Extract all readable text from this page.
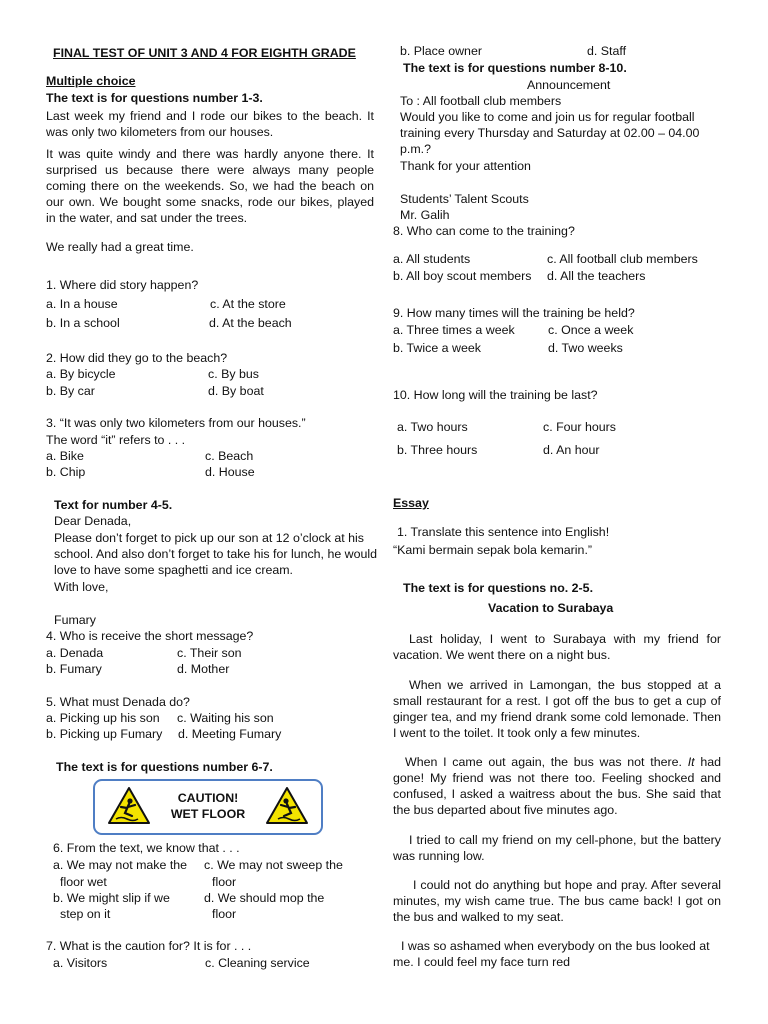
FINAL TEST OF UNIT 3 AND 4 FOR EIGHTH GRADE
Multiple choice
The text is for questions number 1-3.
Last week my friend and I rode our bikes to the beach. It was only two kilometers from our houses.
It was quite windy and there was hardly anyone there. It surprised us because there were always many people coming there on the weekends. So, we had the beach on our own. We bought some snacks, rode our bikes, played in the water, and sat under the trees.
We really had a great time.
1. Where did story happen?
a. In a house	c. At the store
b. In a school	d. At the beach
2. How did they go to the beach?
a. By bicycle	c. By bus
b. By car	d. By boat
3. “It was only two kilometers from our houses.”
The word “it” refers to . . .
a. Bike	c. Beach
b. Chip	d. House
Text for number 4-5.
Dear Denada,
Please don’t forget to pick up our son at 12 o’clock at his school. And also don’t forget to take his for lunch, he would love to have some spaghetti and ice cream.
With love,
Fumary
4. Who is receive the short message?
a. Denada	c. Their son
b. Fumary	d. Mother
5. What must Denada do?
a. Picking up his son c. Waiting his son
b. Picking up Fumary d. Meeting Fumary
The text is for questions number 6-7.
CAUTION!
WET FLOOR
6. From the text, we know that . . .
a. We may not make the
floor wet
c. We may not sweep the
floor
b. We might slip if we
step on it
d. We should mop the
floor
7. What is the caution for? It is for . . .
a. Visitors	c. Cleaning service
b. Place owner	d. Staff
The text is for questions number 8-10.
Announcement
To : All football club members
Would you like to come and join us for regular football training every Thursday and Saturday at 02.00 – 04.00 p.m.?
Thank for your attention
Students’ Talent Scouts
Mr. Galih
8. Who can come to the training?
a. All students	c. All football club members
b. All boy scout members d. All the teachers
9. How many times will the training be held?
a. Three times a week	c. Once a week
b. Twice a week	d. Two weeks
10. How long will the training be last?
a. Two hours	c. Four hours
b. Three hours	d. An hour
Essay
1. Translate this sentence into English!
“Kami bermain sepak bola kemarin.”
The text is for questions no. 2-5.
Vacation to Surabaya
Last holiday, I went to Surabaya with my friend for vacation. We went there on a night bus.
When we arrived in Lamongan, the bus stopped at a small restaurant for a rest. I got off the bus to get a cup of ginger tea, and my friend drank some cold lemonade. Then I went to the toilet. It took only a few minutes.
When I came out again, the bus was not there. It had gone! My friend was not there too. Feeling shocked and confused, I asked a waitress about the bus. She said that the bus departed about five minutes ago.
I tried to call my friend on my cell-phone, but the battery was running low.
I could not do anything but hope and pray. After several minutes, my wish came true. The bus came back! I got on the bus and walked to my seat.
I was so ashamed when everybody on the bus looked at me. I could feel my face turn red
